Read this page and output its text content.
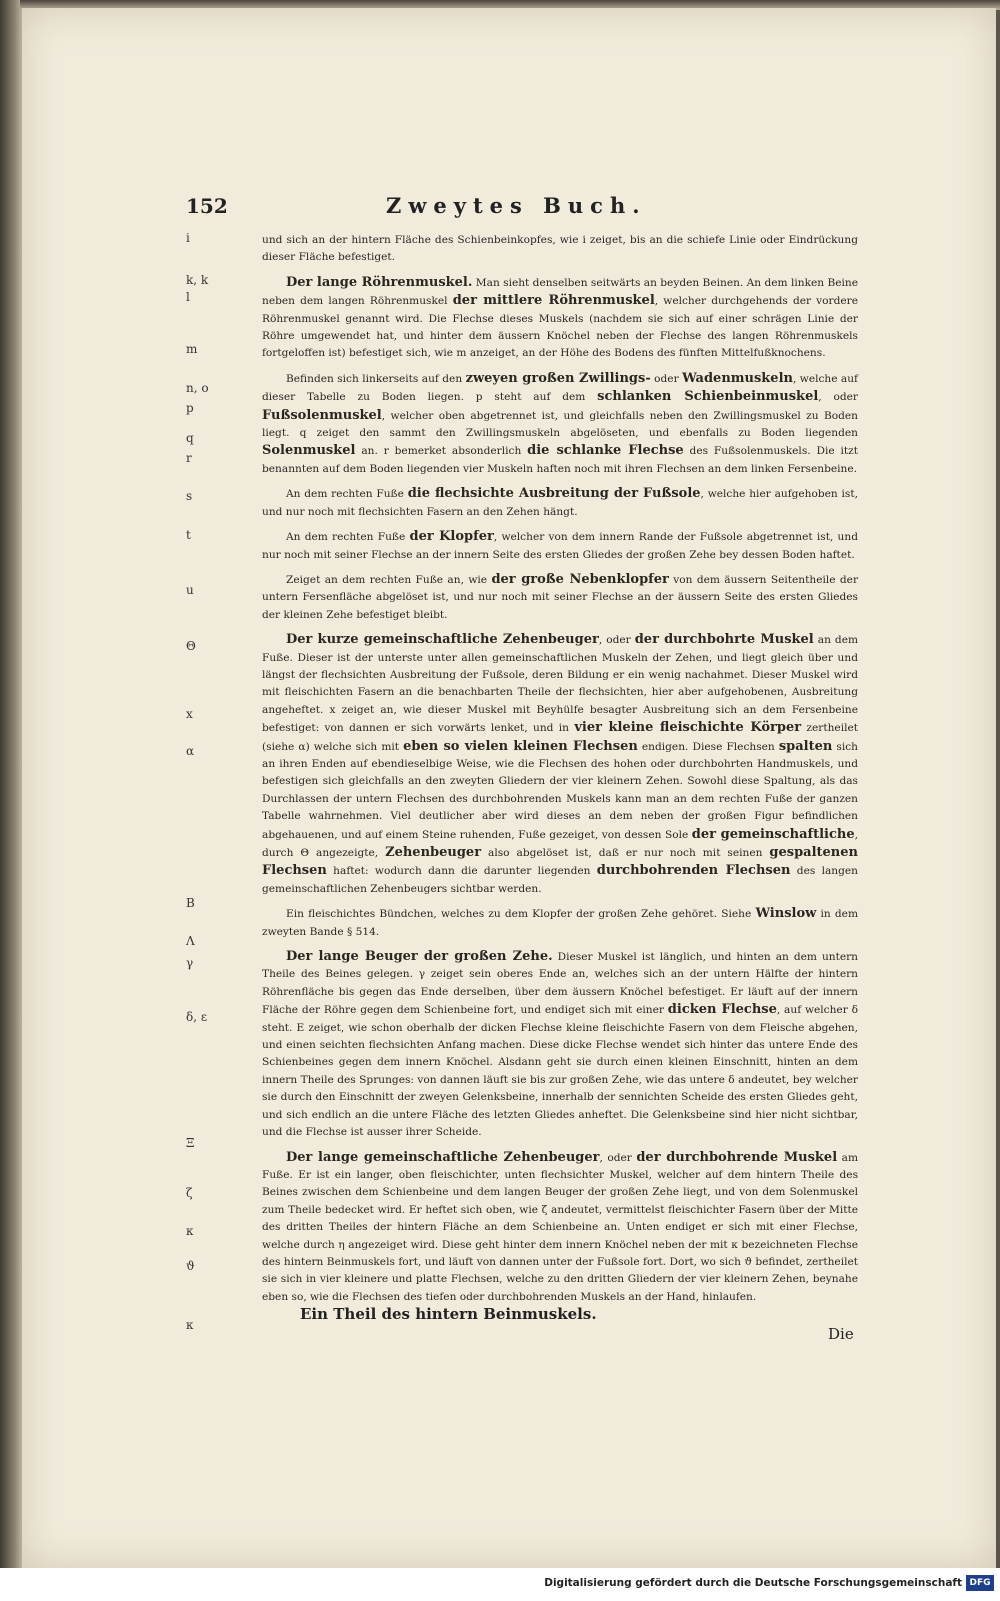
152	Zweytes Buch.
i
k, k
l
m
n, o
p
q
r
s
t
u
Θ
x
α
B
Λ
γ
δ, ε
Ξ
ζ
κ
ϑ
κ

und sich an der hintern Fläche des Schienbeinkopfes, wie i zeiget, bis an die schiefe Linie oder Eindrückung dieser Fläche befestiget.

Der lange Röhrenmuskel. Man sieht denselben seitwärts an beyden Beinen. An dem linken Beine neben dem langen Röhrenmuskel der mittlere Röhrenmuskel, welcher durchgehends der vordere Röhrenmuskel genannt wird. Die Flechse dieses Muskels (nachdem sie sich auf einer schrägen Linie der Röhre umgewendet hat, und hinter dem äussern Knöchel neben der Flechse des langen Röhrenmuskels fortgeloffen ist) befestiget sich, wie m anzeiget, an der Höhe des Bodens des fünften Mittelfußknochens.

Befinden sich linkerseits auf den zweyen großen Zwillings- oder Wadenmuskeln, welche auf dieser Tabelle zu Boden liegen. p steht auf dem schlanken Schienbeinmuskel, oder Fußsolenmuskel, welcher oben abgetrennet ist, und gleichfalls neben den Zwillingsmuskel zu Boden liegt. q zeiget den sammt den Zwillingsmuskeln abgelöseten, und ebenfalls zu Boden liegenden Solenmuskel an. r bemerket absonderlich die schlanke Flechse des Fußsolenmuskels. Die itzt benannten auf dem Boden liegenden vier Muskeln haften noch mit ihren Flechsen an dem linken Fersenbeine.

An dem rechten Fuße die flechsichte Ausbreitung der Fußsole, welche hier aufgehoben ist, und nur noch mit flechsichten Fasern an den Zehen hängt.

An dem rechten Fuße der Klopfer, welcher von dem innern Rande der Fußsole abgetrennet ist, und nur noch mit seiner Flechse an der innern Seite des ersten Gliedes der großen Zehe bey dessen Boden haftet.

Zeiget an dem rechten Fuße an, wie der große Nebenklopfer von dem äussern Seitentheile der untern Fersenfläche abgelöset ist, und nur noch mit seiner Flechse an der äussern Seite des ersten Gliedes der kleinen Zehe befestiget bleibt.

Der kurze gemeinschaftliche Zehenbeuger, oder der durchbohrte Muskel an dem Fuße. Dieser ist der unterste unter allen gemeinschaftlichen Muskeln der Zehen, und liegt gleich über und längst der flechsichten Ausbreitung der Fußsole, deren Bildung er ein wenig nachahmet. Dieser Muskel wird mit fleischichten Fasern an die benachbarten Theile der flechsichten, hier aber aufgehobenen, Ausbreitung angeheftet. x zeiget an, wie dieser Muskel mit Beyhülfe besagter Ausbreitung sich an dem Fersenbeine befestiget: von dannen er sich vorwärts lenket, und in vier kleine fleischichte Körper zertheilet (siehe α) welche sich mit eben so vielen kleinen Flechsen endigen. Diese Flechsen spalten sich an ihren Enden auf ebendieselbige Weise, wie die Flechsen des hohen oder durchbohrten Handmuskels, und befestigen sich gleichfalls an den zweyten Gliedern der vier kleinern Zehen. Sowohl diese Spaltung, als das Durchlassen der untern Flechsen des durchbohrenden Muskels kann man an dem rechten Fuße der ganzen Tabelle wahrnehmen. Viel deutlicher aber wird dieses an dem neben der großen Figur befindlichen abgehauenen, und auf einem Steine ruhenden, Fuße gezeiget, von dessen Sole der gemeinschaftliche, durch Θ angezeigte, Zehenbeuger also abgelöset ist, daß er nur noch mit seinen gespaltenen Flechsen haftet: wodurch dann die darunter liegenden durchbohrenden Flechsen des langen gemeinschaftlichen Zehenbeugers sichtbar werden.

Ein fleischichtes Bündchen, welches zu dem Klopfer der großen Zehe gehöret. Siehe Winslow in dem zweyten Bande § 514.

Der lange Beuger der großen Zehe. Dieser Muskel ist länglich, und hinten an dem untern Theile des Beines gelegen. γ zeiget sein oberes Ende an, welches sich an der untern Hälfte der hintern Röhrenfläche bis gegen das Ende derselben, über dem äussern Knöchel befestiget. Er läuft auf der innern Fläche der Röhre gegen dem Schienbeine fort, und endiget sich mit einer dicken Flechse, auf welcher δ steht. E zeiget, wie schon oberhalb der dicken Flechse kleine fleischichte Fasern von dem Fleische abgehen, und einen seichten flechsichten Anfang machen. Diese dicke Flechse wendet sich hinter das untere Ende des Schienbeines gegen dem innern Knöchel. Alsdann geht sie durch einen kleinen Einschnitt, hinten an dem innern Theile des Sprunges: von dannen läuft sie bis zur großen Zehe, wie das untere δ andeutet, bey welcher sie durch den Einschnitt der zweyen Gelenksbeine, innerhalb der sennichten Scheide des ersten Gliedes geht, und sich endlich an die untere Fläche des letzten Gliedes anheftet. Die Gelenksbeine sind hier nicht sichtbar, und die Flechse ist ausser ihrer Scheide.

Der lange gemeinschaftliche Zehenbeuger, oder der durchbohrende Muskel am Fuße. Er ist ein langer, oben fleischichter, unten flechsichter Muskel, welcher auf dem hintern Theile des Beines zwischen dem Schienbeine und dem langen Beuger der großen Zehe liegt, und von dem Solenmuskel zum Theile bedecket wird. Er heftet sich oben, wie ζ andeutet, vermittelst fleischichter Fasern über der Mitte des dritten Theiles der hintern Fläche an dem Schienbeine an. Unten endiget er sich mit einer Flechse, welche durch η angezeiget wird. Diese geht hinter dem innern Knöchel neben der mit κ bezeichneten Flechse des hintern Beinmuskels fort, und läuft von dannen unter der Fußsole fort. Dort, wo sich ϑ befindet, zertheilet sie sich in vier kleinere und platte Flechsen, welche zu den dritten Gliedern der vier kleinern Zehen, beynahe eben so, wie die Flechsen des tiefen oder durchbohrenden Muskels an der Hand, hinlaufen.

Ein Theil des hintern Beinmuskels.
Die
Digitalisierung gefördert durch die Deutsche Forschungsgemeinschaft DFG
